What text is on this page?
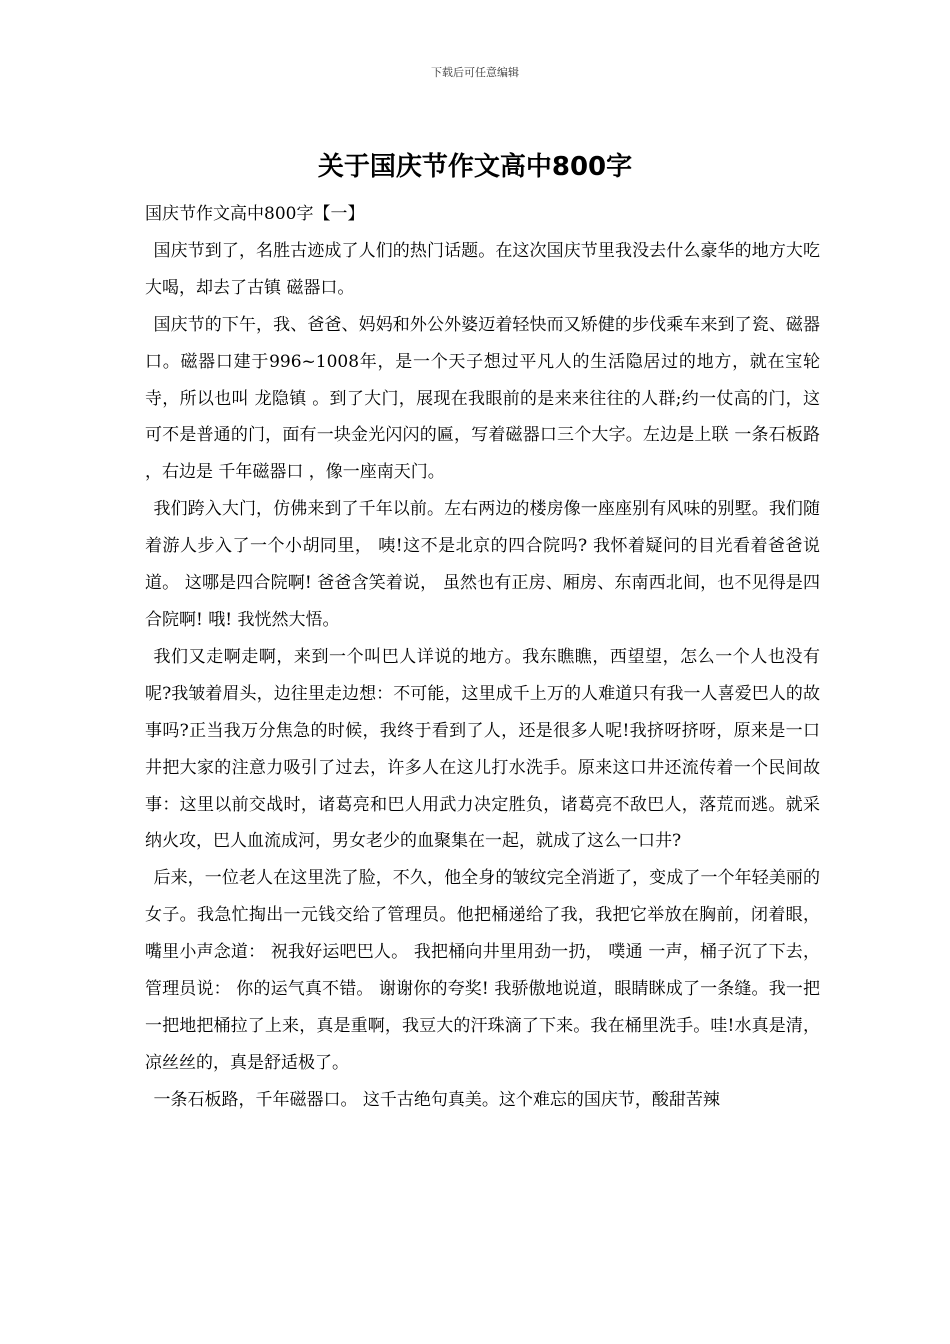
下载后可任意编辑
关于国庆节作文高中800字
国庆节作文高中800字【一】

国庆节到了，名胜古迹成了人们的热门话题。在这次国庆节里我没去什么豪华的地方大吃大喝，却去了古镇 磁器口。

国庆节的下午，我、爸爸、妈妈和外公外婆迈着轻快而又矫健的步伐乘车来到了瓷、磁器口。磁器口建于996~1008年，是一个天子想过平凡人的生活隐居过的地方，就在宝轮寺，所以也叫 龙隐镇 。到了大门，展现在我眼前的是来来往往的人群;约一仗高的门，这可不是普通的门，面有一块金光闪闪的匾，写着磁器口三个大字。左边是上联 一条石板路 ，右边是 千年磁器口 ，像一座南天门。

我们跨入大门，仿佛来到了千年以前。左右两边的楼房像一座座别有风味的别墅。我们随着游人步入了一个小胡同里， 咦!这不是北京的四合院吗? 我怀着疑问的目光看着爸爸说道。 这哪是四合院啊! 爸爸含笑着说， 虽然也有正房、厢房、东南西北间，也不见得是四合院啊! 哦! 我恍然大悟。

我们又走啊走啊，来到一个叫巴人详说的地方。我东瞧瞧，西望望，怎么一个人也没有呢?我皱着眉头，边往里走边想：不可能，这里成千上万的人难道只有我一人喜爱巴人的故事吗?正当我万分焦急的时候，我终于看到了人，还是很多人呢!我挤呀挤呀，原来是一口井把大家的注意力吸引了过去，许多人在这儿打水洗手。原来这口井还流传着一个民间故事：这里以前交战时，诸葛亮和巴人用武力决定胜负，诸葛亮不敌巴人，落荒而逃。就采纳火攻，巴人血流成河，男女老少的血聚集在一起，就成了这么一口井?

后来，一位老人在这里洗了脸，不久，他全身的皱纹完全消逝了，变成了一个年轻美丽的女子。我急忙掏出一元钱交给了管理员。他把桶递给了我，我把它举放在胸前，闭着眼，嘴里小声念道： 祝我好运吧巴人。 我把桶向井里用劲一扔， 噗通 一声，桶子沉了下去，管理员说： 你的运气真不错。 谢谢你的夸奖! 我骄傲地说道，眼睛眯成了一条缝。我一把一把地把桶拉了上来，真是重啊，我豆大的汗珠滴了下来。我在桶里洗手。哇!水真是清，凉丝丝的，真是舒适极了。

一条石板路，千年磁器口。 这千古绝句真美。这个难忘的国庆节，酸甜苦辣
